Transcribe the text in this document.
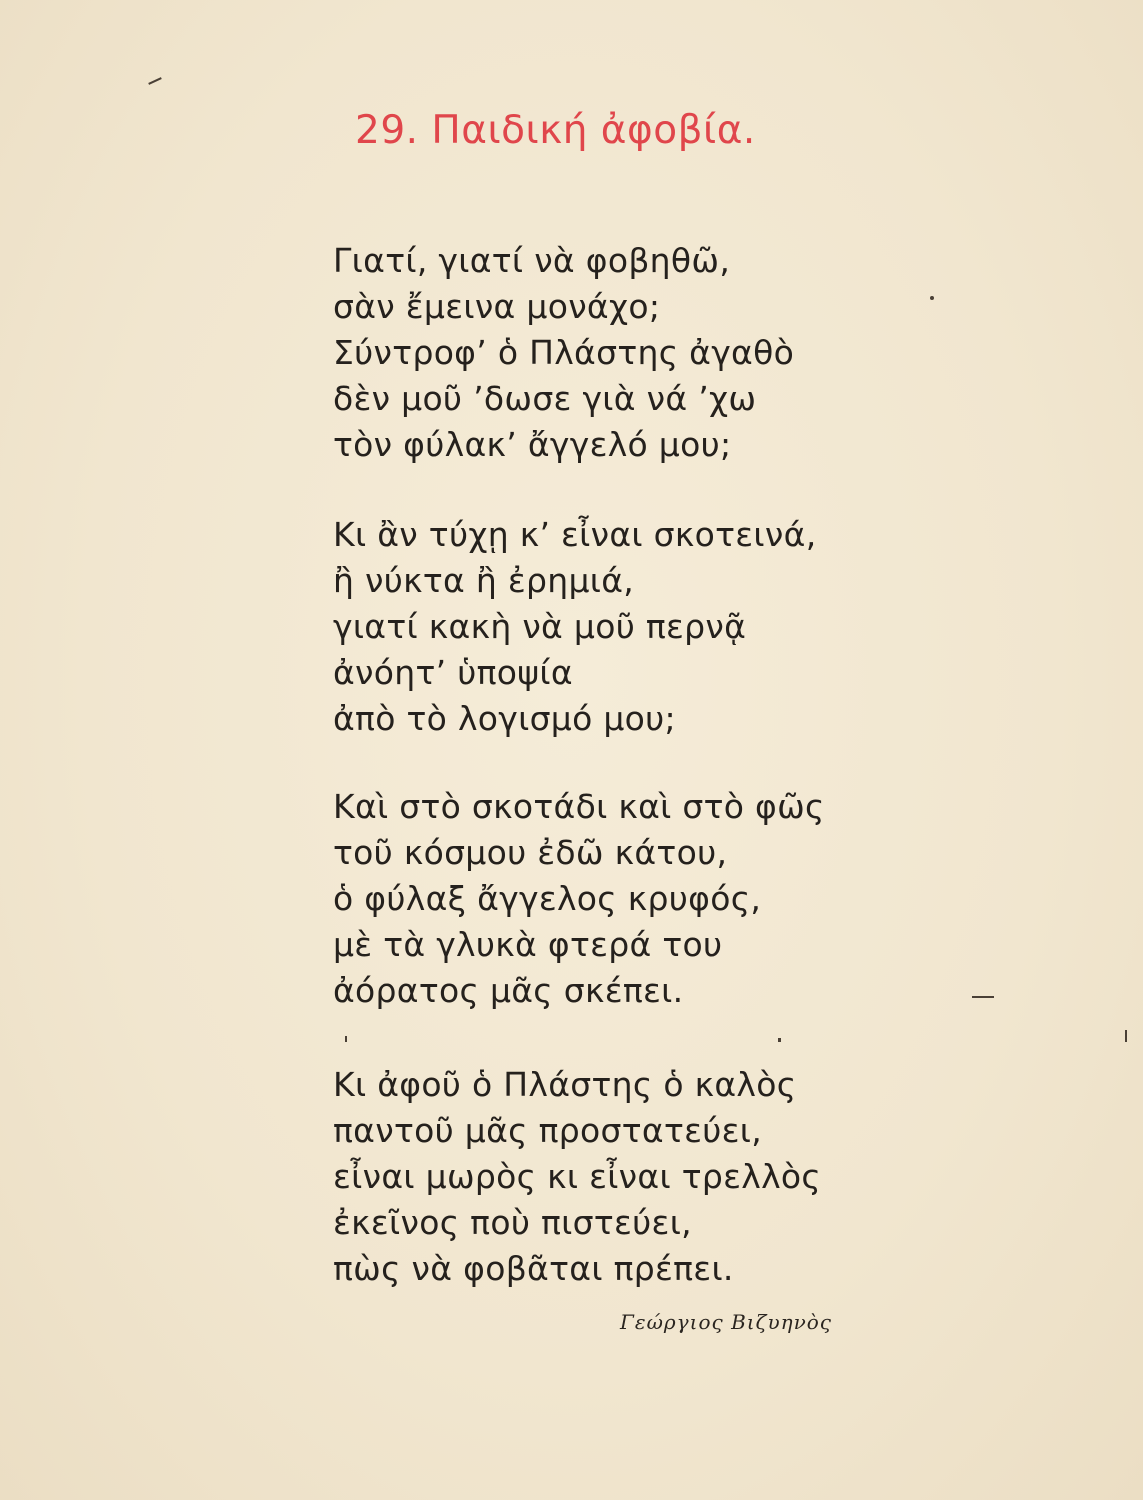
29. Παιδική ἀφοβία.
Γιατί, γιατί νὰ φοβηθῶ,
σὰν ἔμεινα μονάχο;
Σύντροφ’ ὁ Πλάστης ἀγαθὸ
δὲν μοῦ ’δωσε γιὰ νά ’χω
τὸν φύλακ’ ἄγγελό μου;
Κι ἂν τύχῃ κ’ εἶναι σκοτεινά,
ἢ νύκτα ἢ ἐρημιά,
γιατί κακὴ νὰ μοῦ περνᾷ
ἀνόητ’ ὑποψία
ἀπὸ τὸ λογισμό μου;
Καὶ στὸ σκοτάδι καὶ στὸ φῶς
τοῦ κόσμου ἐδῶ κάτου,
ὁ φύλαξ ἄγγελος κρυφός,
μὲ τὰ γλυκὰ φτερά του
ἀόρατος μᾶς σκέπει.
Κι ἀφοῦ ὁ Πλάστης ὁ καλὸς
παντοῦ μᾶς προστατεύει,
εἶναι μωρὸς κι εἶναι τρελλὸς
ἐκεῖνος ποὺ πιστεύει,
πὼς νὰ φοβᾶται πρέπει.
Γεώργιος Βιζυηνὸς
